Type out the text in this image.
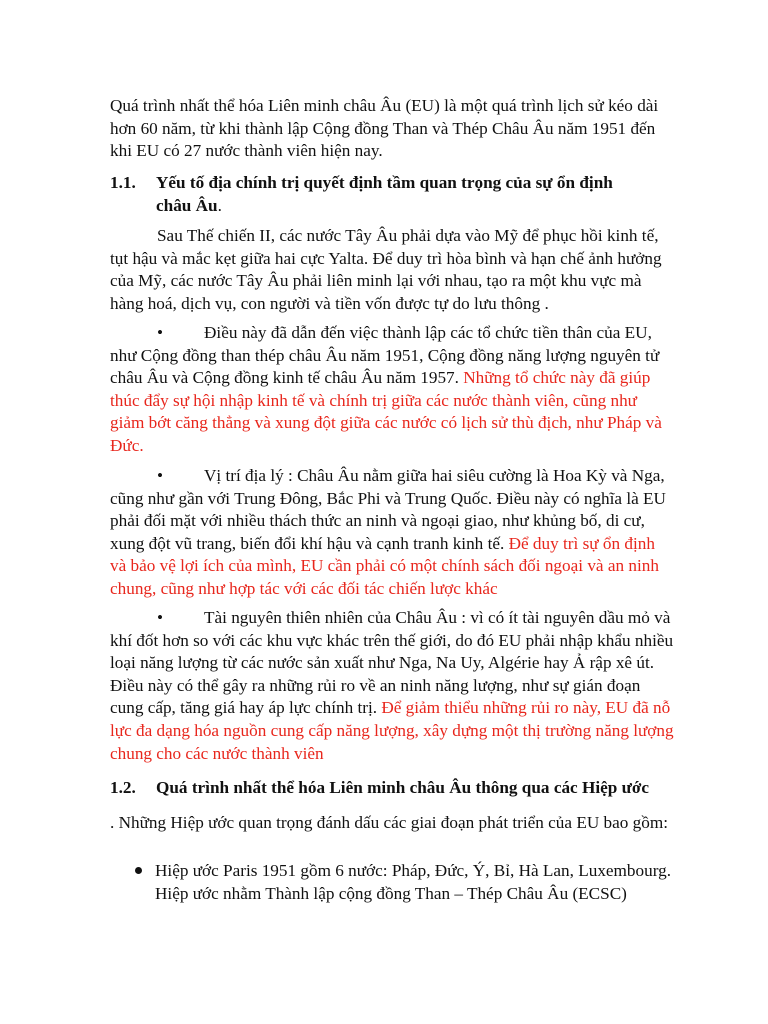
Quá trình nhất thể hóa Liên minh châu Âu (EU) là một quá trình lịch sử kéo dài hơn 60 năm, từ khi thành lập Cộng đồng Than và Thép Châu Âu năm 1951 đến khi EU có 27 nước thành viên hiện nay.

1.1. Yếu tố địa chính trị quyết định tầm quan trọng của sự ổn định
châu Âu.

Sau Thế chiến II, các nước Tây Âu phải dựa vào Mỹ để phục hồi kinh tế, tụt hậu và mắc kẹt giữa hai cực Yalta. Để duy trì hòa bình và hạn chế ảnh hưởng của Mỹ, các nước Tây Âu phải liên minh lại với nhau, tạo ra một khu vực mà hàng hoá, dịch vụ, con người và tiền vốn được tự do lưu thông .

• Điều này đã dẫn đến việc thành lập các tổ chức tiền thân của EU, như Cộng đồng than thép châu Âu năm 1951, Cộng đồng năng lượng nguyên tử châu Âu và Cộng đồng kinh tế châu Âu năm 1957. Những tổ chức này đã giúp thúc đẩy sự hội nhập kinh tế và chính trị giữa các nước thành viên, cũng như giảm bớt căng thẳng và xung đột giữa các nước có lịch sử thù địch, như Pháp và Đức.

• Vị trí địa lý : Châu Âu nằm giữa hai siêu cường là Hoa Kỳ và Nga, cũng như gần với Trung Đông, Bắc Phi và Trung Quốc. Điều này có nghĩa là EU phải đối mặt với nhiều thách thức an ninh và ngoại giao, như khủng bố, di cư, xung đột vũ trang, biến đổi khí hậu và cạnh tranh kinh tế. Để duy trì sự ổn định và bảo vệ lợi ích của mình, EU cần phải có một chính sách đối ngoại và an ninh chung, cũng như hợp tác với các đối tác chiến lược khác

• Tài nguyên thiên nhiên của Châu Âu : vì có ít tài nguyên dầu mỏ và khí đốt hơn so với các khu vực khác trên thế giới, do đó EU phải nhập khẩu nhiều loại năng lượng từ các nước sản xuất như Nga, Na Uy, Algérie hay Ả rập xê út. Điều này có thể gây ra những rủi ro về an ninh năng lượng, như sự gián đoạn cung cấp, tăng giá hay áp lực chính trị. Để giảm thiểu những rủi ro này, EU đã nỗ lực đa dạng hóa nguồn cung cấp năng lượng, xây dựng một thị trường năng lượng chung cho các nước thành viên

1.2. Quá trình nhất thể hóa Liên minh châu Âu thông qua các Hiệp ước

. Những Hiệp ước quan trọng đánh dấu các giai đoạn phát triển của EU bao gồm:

Hiệp ước Paris 1951 gồm 6 nước: Pháp, Đức, Ý, Bỉ, Hà Lan, Luxembourg. Hiệp ước nhằm Thành lập cộng đồng Than – Thép Châu Âu (ECSC)
